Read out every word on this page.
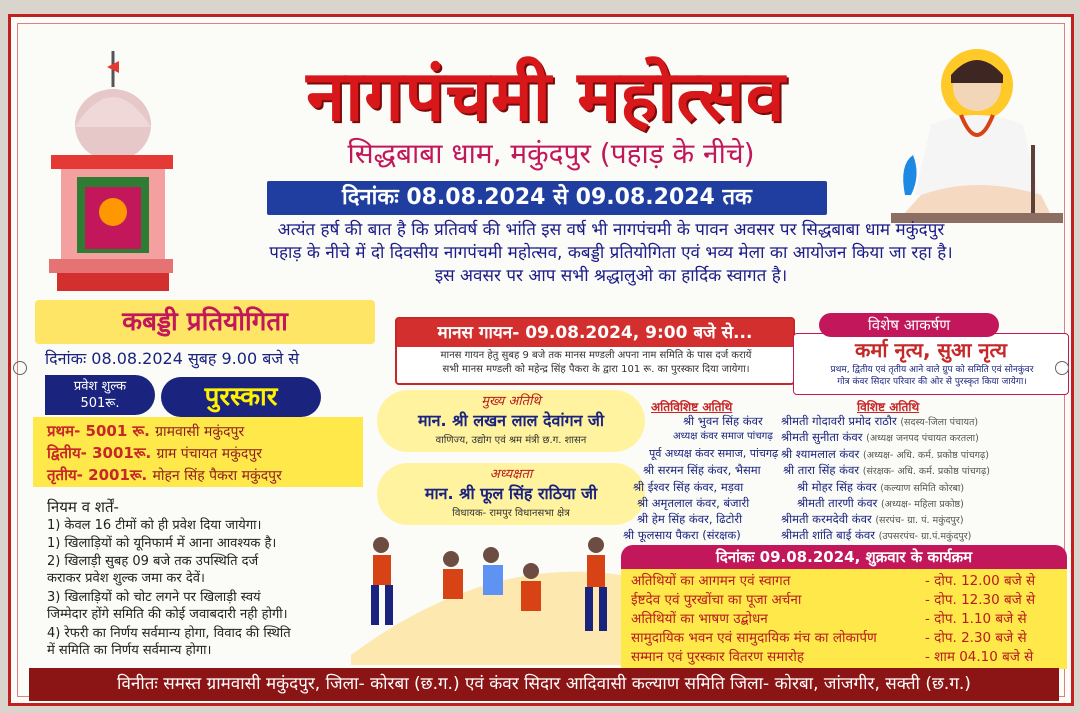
नागपंचमी महोत्सव
सिद्धबाबा धाम, मकुंदपुर (पहाड़ के नीचे)
दिनांकः 08.08.2024 से 09.08.2024 तक
अत्यंत हर्ष की बात है कि प्रतिवर्ष की भांति इस वर्ष भी नागपंचमी के पावन अवसर पर सिद्धबाबा धाम मकुंदपुर
पहाड़ के नीचे में दो दिवसीय नागपंचमी महोत्सव, कबड्डी प्रतियोगिता एवं भव्य मेला का आयोजन किया जा रहा है।
इस अवसर पर आप सभी श्रद्धालुओ का हार्दिक स्वागत है।
कबड्डी प्रतियोगिता
दिनांकः 08.08.2024 सुबह 9.00 बजे से
प्रवेश शुल्क
501रू.	पुरस्कार
प्रथम- 5001 रू. ग्रामवासी मकुंदपुर
द्वितीय- 3001रू. ग्राम पंचायत मकुंदपुर
तृतीय- 2001रू. मोहन सिंह पैकरा मकुंदपुर
नियम व शर्तें-
1) केवल 16 टीमों को ही प्रवेश दिया जायेगा।
1) खिलाड़ियों को यूनिफार्म में आना आवश्यक है।
2) खिलाड़ी सुबह 09 बजे तक उपस्थिति दर्ज
कराकर प्रवेश शुल्क जमा कर देवें।
3) खिलाड़ियों को चोट लगने पर खिलाड़ी स्वयं
जिम्मेदार होंगे समिति की कोई जवाबदारी नही होगी।
4) रेफरी का निर्णय सर्वमान्य होगा, विवाद की स्थिति
में समिति का निर्णय सर्वमान्य होगा।
मानस गायन- 09.08.2024, 9:00 बजे से...
मानस गायन हेतु सुबह 9 बजे तक मानस मण्डली अपना नाम समिति के पास दर्ज करायें
सभी मानस मण्डली को महेन्द्र सिंह पैकरा के द्वारा 101 रू. का पुरस्कार दिया जायेगा।
मुख्य अतिथि
मान. श्री लखन लाल देवांगन जी
वाणिज्य, उद्योग एवं श्रम मंत्री छ.ग. शासन
अध्यक्षता
मान. श्री फूल सिंह राठिया जी
विधायक- रामपुर विधानसभा क्षेत्र
कर्मा नृत्य, सुआ नृत्य
प्रथम, द्वितीय एवं तृतीय आने वाले ग्रुप को समिति एवं सोनकुंवर
गोत्र कंवर सिदार परिवार की ओर से पुरस्कृत किया जायेगा।
विशेष आकर्षण
अतिविशिष्ट अतिथि
श्री भुवन सिंह कंवर
अध्यक्ष कंवर समाज पांचगढ़
पूर्व अध्यक्ष कंवर समाज, पांचगढ़
श्री सरमन सिंह कंवर, भैसमा
श्री ईश्वर सिंह कंवर, मड़वा
श्री अमृतलाल कंवर, बंजारी
श्री हेम सिंह कंवर, ढिटोरी
श्री फूलसाय पैकरा (संरक्षक)
विशिष्ट अतिथि
श्रीमती गोदावरी प्रमोद राठौर (सदस्य-जिला पंचायत)
श्रीमती सुनीता कंवर (अध्यक्ष जनपद पंचायत करतला)
श्री श्यामलाल कंवर (अध्यक्ष- अधि. कर्म. प्रकोष्ठ पांचगढ़)
श्री तारा सिंह कंवर (संरक्षक- अधि. कर्म. प्रकोष्ठ पांचगढ़)
श्री मोहर सिंह कंवर (कल्याण समिति कोरबा)
श्रीमती तारणी कंवर (अध्यक्ष- महिला प्रकोष्ठ)
श्रीमती करमदेवी कंवर (सरपंच- ग्रा. पं. मकुंदपुर)
श्रीमती शांति बाई कंवर (उपसरपंच- ग्रा.पं.मकुंदपुर)
दिनांकः 09.08.2024, शुक्रवार के कार्यक्रम
अतिथियों का आगमन एवं स्वागत	- दोप. 12.00 बजे से
ईष्टदेव एवं पुरखोंचा का पूजा अर्चना	- दोप. 12.30 बजे से
अतिथियों का भाषण उद्बोधन	- दोप. 1.10 बजे से
सामुदायिक भवन एवं सामुदायिक मंच का लोकार्पण	- दोप. 2.30 बजे से
सम्मान एवं पुरस्कार वितरण समारोह	- शाम 04.10 बजे से
विनीतः समस्त ग्रामवासी मकुंदपुर, जिला- कोरबा (छ.ग.) एवं कंवर सिदार आदिवासी कल्याण समिति जिला- कोरबा, जांजगीर, सक्ती (छ.ग.)
